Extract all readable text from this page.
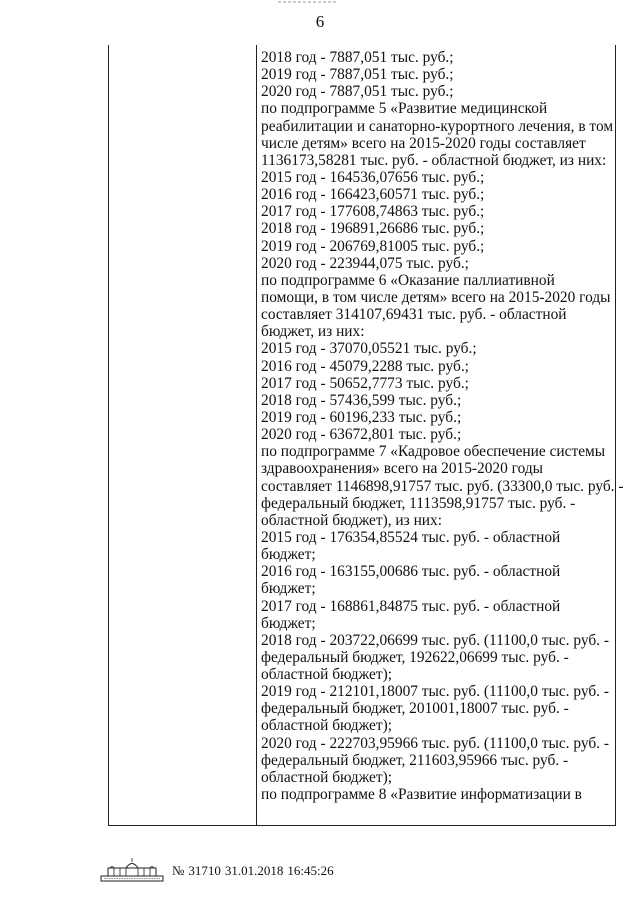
6
2018 год - 7887,051 тыс. руб.;
2019 год - 7887,051 тыс. руб.;
2020 год - 7887,051 тыс. руб.;
по подпрограмме 5 «Развитие медицинской
реабилитации и санаторно-курортного лечения, в том
числе детям» всего на 2015-2020 годы составляет
1136173,58281 тыс. руб. - областной бюджет, из них:
2015 год - 164536,07656 тыс. руб.;
2016 год - 166423,60571 тыс. руб.;
2017 год - 177608,74863 тыс. руб.;
2018 год - 196891,26686 тыс. руб.;
2019 год - 206769,81005 тыс. руб.;
2020 год - 223944,075 тыс. руб.;
по подпрограмме 6 «Оказание паллиативной
помощи, в том числе детям» всего на 2015-2020 годы
составляет 314107,69431 тыс. руб. - областной
бюджет, из них:
2015 год - 37070,05521 тыс. руб.;
2016 год - 45079,2288 тыс. руб.;
2017 год - 50652,7773 тыс. руб.;
2018 год - 57436,599 тыс. руб.;
2019 год - 60196,233 тыс. руб.;
2020 год - 63672,801 тыс. руб.;
по подпрограмме 7 «Кадровое обеспечение системы
здравоохранения» всего на 2015-2020 годы
составляет 1146898,91757 тыс. руб. (33300,0 тыс. руб. -
федеральный бюджет, 1113598,91757 тыс. руб. -
областной бюджет), из них:
2015 год - 176354,85524 тыс. руб. - областной
бюджет;
2016 год - 163155,00686 тыс. руб. - областной
бюджет;
2017 год - 168861,84875 тыс. руб. - областной
бюджет;
2018 год - 203722,06699 тыс. руб. (11100,0 тыс. руб. -
федеральный бюджет, 192622,06699 тыс. руб. -
областной бюджет);
2019 год - 212101,18007 тыс. руб. (11100,0 тыс. руб. -
федеральный бюджет, 201001,18007 тыс. руб. -
областной бюджет);
2020 год - 222703,95966 тыс. руб. (11100,0 тыс. руб. -
федеральный бюджет, 211603,95966 тыс. руб. -
областной бюджет);
по подпрограмме 8 «Развитие информатизации в
№ 31710 31.01.2018 16:45:26
